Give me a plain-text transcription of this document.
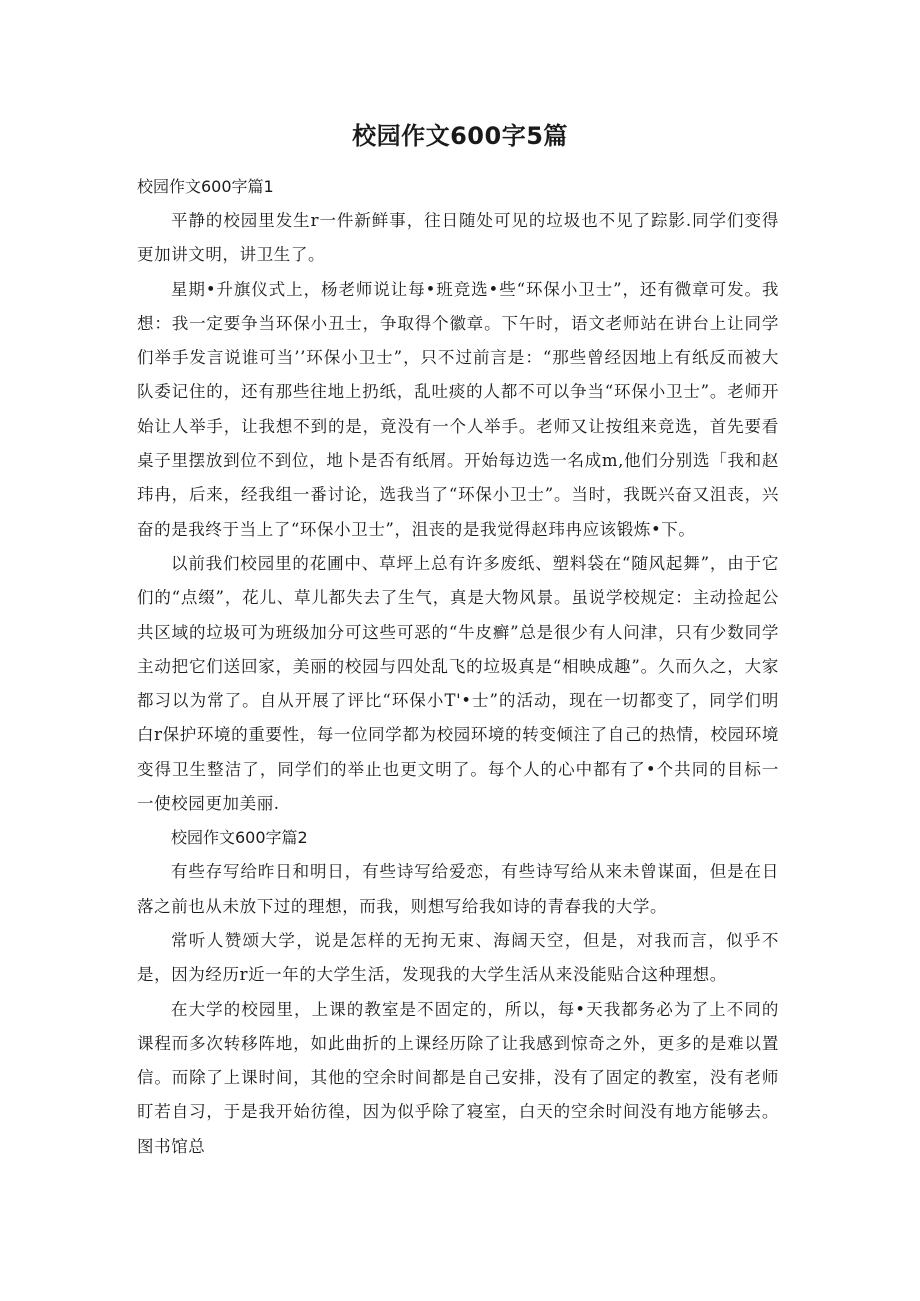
校园作文600字5篇
校园作文600字篇1

平静的校园里发生r一件新鲜事，往日随处可见的垃圾也不见了踪影.同学们变得更加讲文明，讲卫生了。

星期•升旗仪式上，杨老师说让每•班竞选•些“环保小卫士”，还有微章可发。我想：我一定要争当环保小丑士，争取得个徽章。下午时，语文老师站在讲台上让同学们举手发言说谁可当’’环保小卫士”，只不过前言是：“那些曾经因地上有纸反而被大队委记住的，还有那些往地上扔纸，乱吐痰的人都不可以争当“环保小卫士”。老师开始让人举手，让我想不到的是，竟没有一个人举手。老师又让按组来竞选，首先要看桌子里摆放到位不到位，地卜是否有纸屑。开始每边选一名成m,他们分别选「我和赵玮冉，后来，经我组一番讨论，选我当了“环保小卫士”。当时，我既兴奋又沮丧，兴奋的是我终于当上了“环保小卫士”，沮丧的是我觉得赵玮冉应该锻炼•下。

以前我们校园里的花圃中、草坪上总有许多废纸、塑料袋在“随风起舞”，由于它们的“点缀”，花儿、草儿都失去了生气，真是大物风景。虽说学校规定：主动捡起公共区域的垃圾可为班级加分可这些可恶的“牛皮癣”总是很少有人问津，只有少数同学主动把它们送回家，美丽的校园与四处乱飞的垃圾真是“相映成趣”。久而久之，大家都习以为常了。自从开展了评比“环保小T'•士”的活动，现在一切都变了，同学们明白r保护环境的重要性，每一位同学都为校园环境的转变倾注了自己的热情，校园环境变得卫生整洁了，同学们的举止也更文明了。每个人的心中都有了•个共同的目标一一使校园更加美丽.

校园作文600字篇2

有些存写给昨日和明日，有些诗写给爱恋，有些诗写给从来未曾谋面，但是在日落之前也从未放下过的理想，而我，则想写给我如诗的青春我的大学。

常听人赞颂大学，说是怎样的无拘无束、海阔天空，但是，对我而言，似乎不是，因为经历r近一年的大学生活，发现我的大学生活从来没能贴合这种理想。

在大学的校园里，上课的教室是不固定的，所以，每•天我都务必为了上不同的课程而多次转移阵地，如此曲折的上课经历除了让我感到惊奇之外，更多的是难以置信。而除了上课时间，其他的空余时间都是自己安排，没有了固定的教室，没有老师盯若自习，于是我开始彷徨，因为似乎除了寝室，白天的空余时间没有地方能够去。图书馆总
